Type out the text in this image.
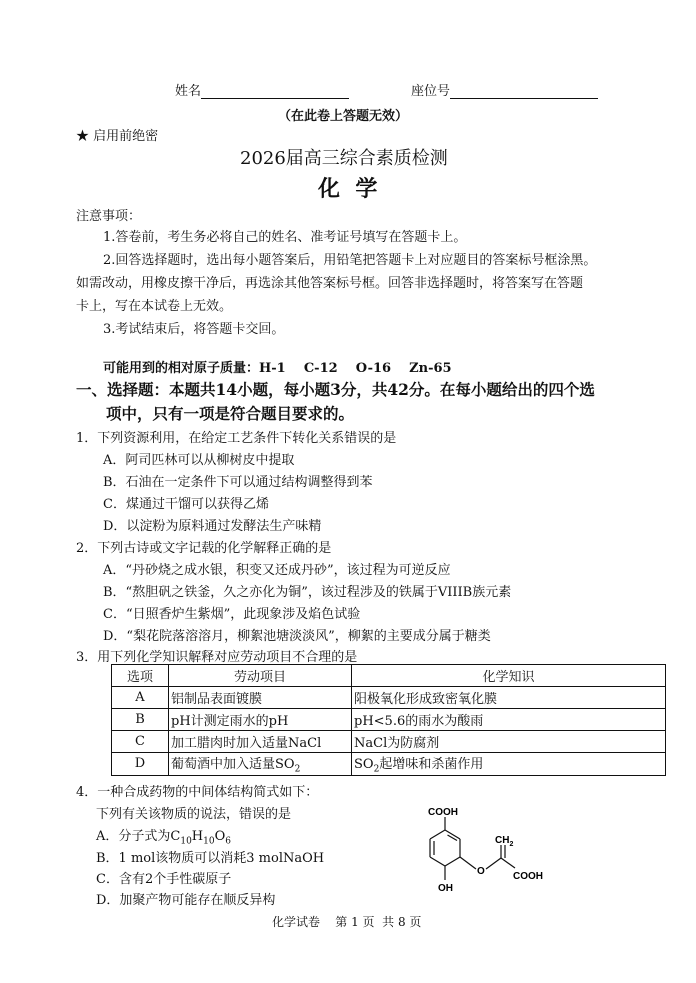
姓名	座位号
（在此卷上答题无效）
★ 启用前绝密
2026届高三综合素质检测
化  学
注意事项：
1.答卷前，考生务必将自己的姓名、准考证号填写在答题卡上。
2.回答选择题时，选出每小题答案后，用铅笔把答题卡上对应题目的答案标号框涂黑。
如需改动，用橡皮擦干净后，再选涂其他答案标号框。回答非选择题时，将答案写在答题
卡上，写在本试卷上无效。
3.考试结束后，将答题卡交回。
可能用到的相对原子质量：H-1    C-12    O-16    Zn-65
一、选择题：本题共14小题，每小题3分，共42分。在每小题给出的四个选
项中，只有一项是符合题目要求的。
1．下列资源利用，在给定工艺条件下转化关系错误的是
A．阿司匹林可以从柳树皮中提取
B．石油在一定条件下可以通过结构调整得到苯
C．煤通过干馏可以获得乙烯
D．以淀粉为原料通过发酵法生产味精
2．下列古诗或文字记载的化学解释正确的是
A．“丹砂烧之成水银，积变又还成丹砂”，该过程为可逆反应
B．“熬胆矾之铁釜，久之亦化为铜”，该过程涉及的铁属于VIIIB族元素
C．“日照香炉生紫烟”，此现象涉及焰色试验
D．“梨花院落溶溶月，柳絮池塘淡淡风”，柳絮的主要成分属于糖类
3．用下列化学知识解释对应劳动项目不合理的是
选项	劳动项目	化学知识
A	铝制品表面镀膜	阳极氧化形成致密氧化膜
B	pH计测定雨水的pH	pH<5.6的雨水为酸雨
C	加工腊肉时加入适量NaCl	NaCl为防腐剂
D	葡萄酒中加入适量$SO_2$	$SO_2$起增味和杀菌作用
4．一种合成药物的中间体结构简式如下：
下列有关该物质的说法，错误的是
A．分子式为$C_{10}H_{10}O_6$
B．1 mol该物质可以消耗3 molNaOH
C．含有2个手性碳原子
D．加聚产物可能存在顺反异构
COOH
$CH_2$
O	COOH
OH
化学试卷    第 1 页  共 8 页
